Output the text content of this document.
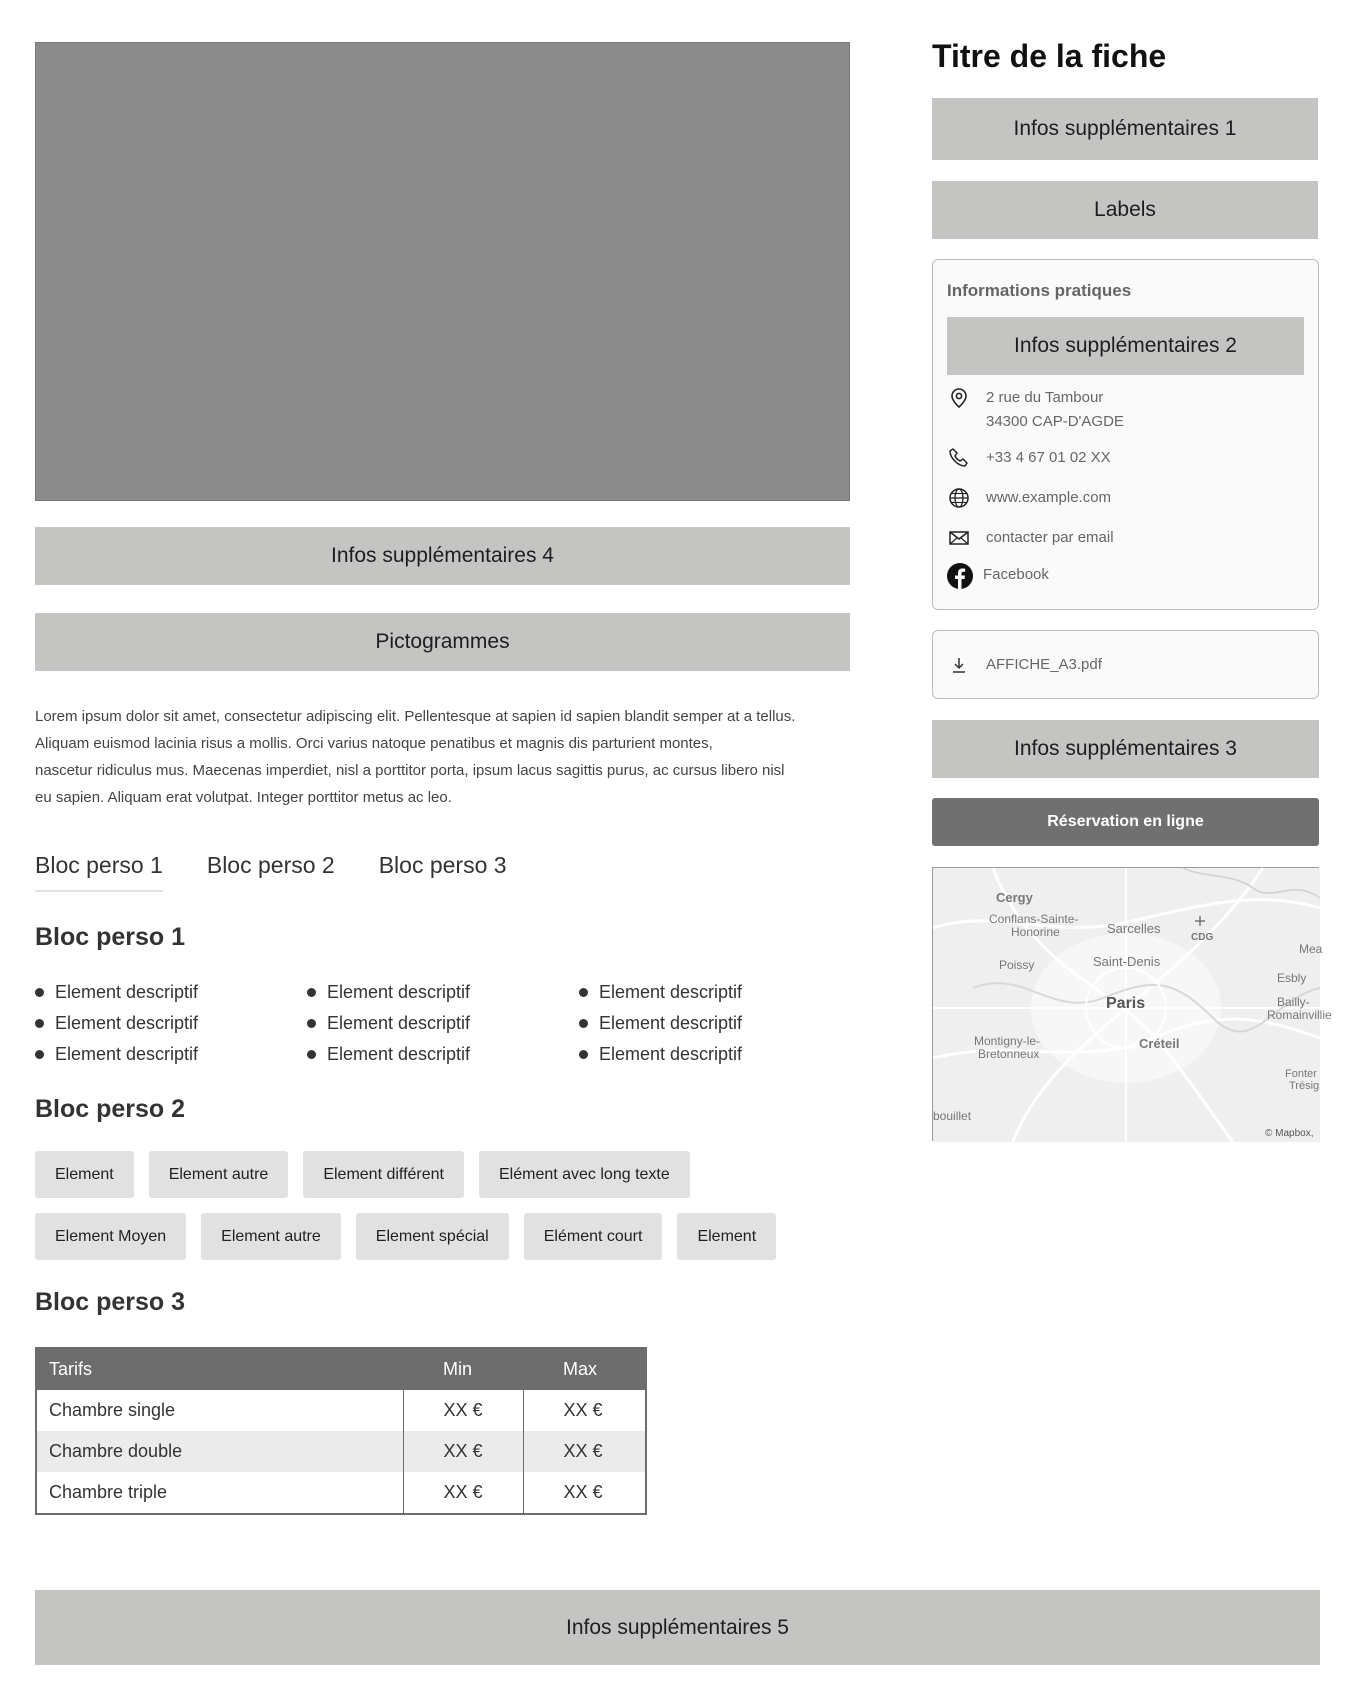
Infos supplémentaires 4
Pictogrammes
Lorem ipsum dolor sit amet, consectetur adipiscing elit. Pellentesque at sapien id sapien blandit semper at a tellus.
Aliquam euismod lacinia risus a mollis. Orci varius natoque penatibus et magnis dis parturient montes,
nascetur ridiculus mus. Maecenas imperdiet, nisl a porttitor porta, ipsum lacus sagittis purus, ac cursus libero nisl
eu sapien. Aliquam erat volutpat. Integer porttitor metus ac leo.
Bloc perso 1 Bloc perso 2 Bloc perso 3
Bloc perso 1
Element descriptif	Element descriptif	Element descriptif
Element descriptif	Element descriptif	Element descriptif
Element descriptif	Element descriptif	Element descriptif
Bloc perso 2
Element	Element autre	Element différent	Elément avec long texte
Element Moyen	Element autre	Element spécial	Elément court	Element
Bloc perso 3
Tarifs	Min	Max
Chambre single	XX €	XX €
Chambre double	XX €	XX €
Chambre triple	XX €	XX €
Infos supplémentaires 5
Titre de la fiche
Infos supplémentaires 1
Labels
Informations pratiques
Infos supplémentaires 2
2 rue du Tambour
34300 CAP-D'AGDE
+33 4 67 01 02 XX
www.example.com
contacter par email
Facebook
AFFICHE_A3.pdf
Infos supplémentaires 3
Réservation en ligne
Cergy
Conflans-Sainte-
Honorine	Sarcelles
CDG
Poissy	Saint-Denis
Mea
Esbly
Paris	Bailly-
Romainvillie
Montigny-le-
Bretonneux
Créteil
Fonter
Trésig
bouillet
© Mapbox,
